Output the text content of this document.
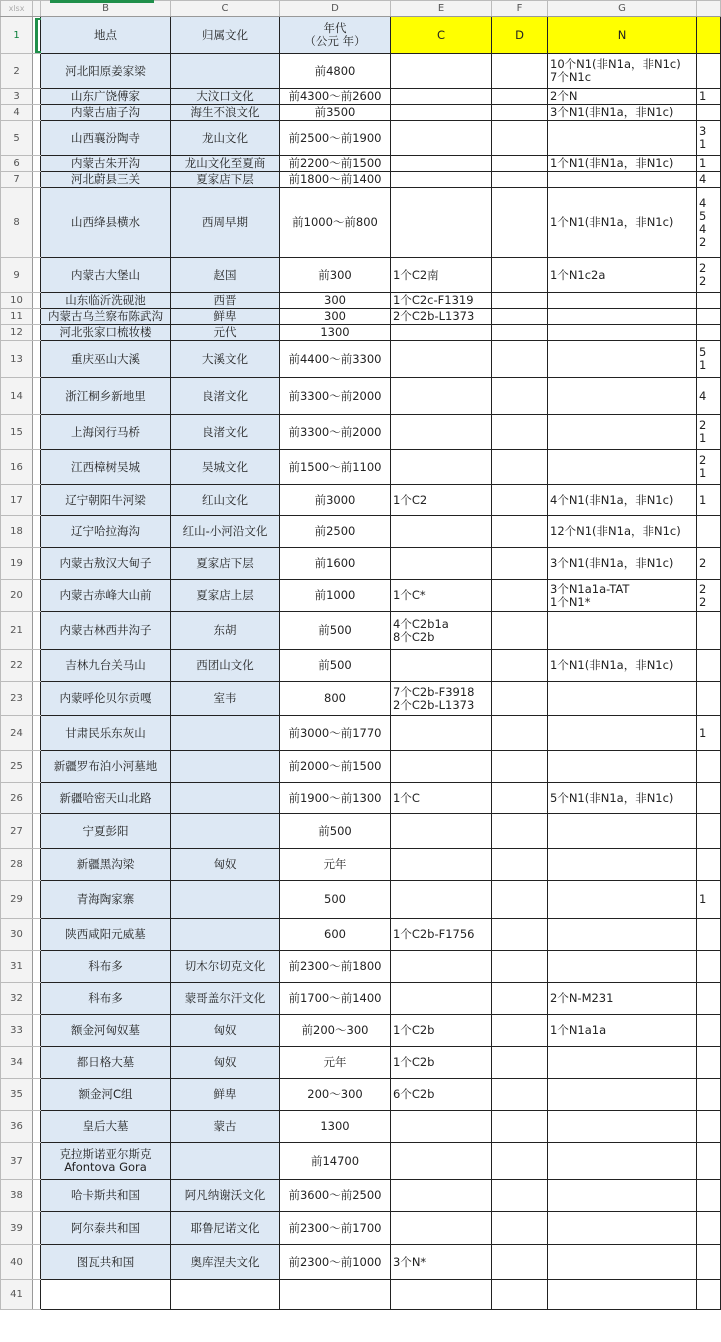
xlsx		B	C	D	E	F	G	
1		地点	归属文化	年代
（公元 年）	C	D	N	
2		河北阳原姜家梁		前4800			10个N1(非N1a，非N1c)
7个N1c	
3		山东广饶傅家	大汶口文化	前4300～前2600			2个N	1
4		内蒙古庙子沟	海生不浪文化	前3500			3个N1(非N1a，非N1c)	
5		山西襄汾陶寺	龙山文化	前2500～前1900				3
1
6		内蒙古朱开沟	龙山文化至夏商	前2200～前1500			1个N1(非N1a，非N1c)	1
7		河北蔚县三关	夏家店下层	前1800～前1400				4
8		山西绛县横水	西周早期	前1000～前800			1个N1(非N1a，非N1c)	4
5
4
2
9		内蒙古大堡山	赵国	前300	1个C2南		1个N1c2a	2
2
10		山东临沂洗砚池	西晋	300	1个C2c-F1319			
11		内蒙古乌兰察布陈武沟	鲜卑	300	2个C2b-L1373			
12		河北张家口梳妆楼	元代	1300				
13		重庆巫山大溪	大溪文化	前4400～前3300				5
1
14		浙江桐乡新地里	良渚文化	前3300～前2000				4
15		上海闵行马桥	良渚文化	前3300～前2000				2
1
16		江西樟树吴城	吴城文化	前1500～前1100				2
1
17		辽宁朝阳牛河梁	红山文化	前3000	1个C2		4个N1(非N1a，非N1c)	1
18		辽宁哈拉海沟	红山-小河沿文化	前2500			12个N1(非N1a，非N1c)	
19		内蒙古敖汉大甸子	夏家店下层	前1600			3个N1(非N1a，非N1c)	2
20		内蒙古赤峰大山前	夏家店上层	前1000	1个C*		3个N1a1a-TAT
1个N1*	2
2
21		内蒙古林西井沟子	东胡	前500	4个C2b1a
8个C2b			
22		吉林九台关马山	西团山文化	前500			1个N1(非N1a，非N1c)	
23		内蒙呼伦贝尔贡嘎	室韦	800	7个C2b-F3918
2个C2b-L1373			
24		甘肃民乐东灰山		前3000～前1770				1
25		新疆罗布泊小河墓地		前2000～前1500				
26		新疆哈密天山北路		前1900～前1300	1个C		5个N1(非N1a，非N1c)	
27		宁夏彭阳		前500				
28		新疆黑沟梁	匈奴	元年				
29		青海陶家寨		500				1
30		陕西咸阳元威墓		600	1个C2b-F1756			
31		科布多	切木尔切克文化	前2300～前1800				
32		科布多	蒙哥盖尔汗文化	前1700～前1400			2个N-M231	
33		额金河匈奴墓	匈奴	前200～300	1个C2b		1个N1a1a	
34		都日格大墓	匈奴	元年	1个C2b			
35		额金河C组	鲜卑	200～300	6个C2b			
36		皇后大墓	蒙古	1300				
37		克拉斯诺亚尔斯克
Afontova Gora		前14700				
38		哈卡斯共和国	阿凡纳谢沃文化	前3600～前2500				
39		阿尔泰共和国	耶鲁尼诺文化	前2300～前1700				
40		图瓦共和国	奥库涅夫文化	前2300～前1000	3个N*			
41								
